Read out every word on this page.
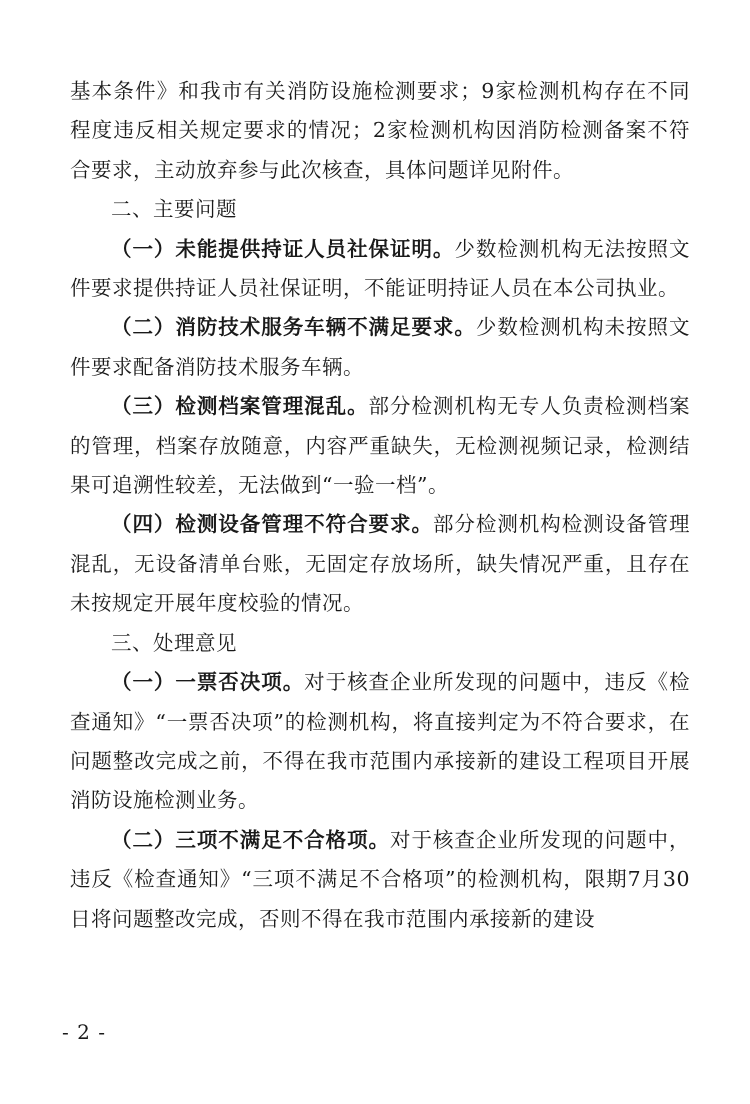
基本条件》和我市有关消防设施检测要求；9家检测机构存在不同程度违反相关规定要求的情况；2家检测机构因消防检测备案不符合要求，主动放弃参与此次核查，具体问题详见附件。

二、主要问题

（一）未能提供持证人员社保证明。少数检测机构无法按照文件要求提供持证人员社保证明，不能证明持证人员在本公司执业。

（二）消防技术服务车辆不满足要求。少数检测机构未按照文件要求配备消防技术服务车辆。

（三）检测档案管理混乱。部分检测机构无专人负责检测档案的管理，档案存放随意，内容严重缺失，无检测视频记录，检测结果可追溯性较差，无法做到“一验一档”。

（四）检测设备管理不符合要求。部分检测机构检测设备管理混乱，无设备清单台账，无固定存放场所，缺失情况严重，且存在未按规定开展年度校验的情况。

三、处理意见

（一）一票否决项。对于核查企业所发现的问题中，违反《检查通知》“一票否决项”的检测机构，将直接判定为不符合要求，在问题整改完成之前，不得在我市范围内承接新的建设工程项目开展消防设施检测业务。

（二）三项不满足不合格项。对于核查企业所发现的问题中，违反《检查通知》“三项不满足不合格项”的检测机构，限期7月30日将问题整改完成，否则不得在我市范围内承接新的建设

- 2 -
